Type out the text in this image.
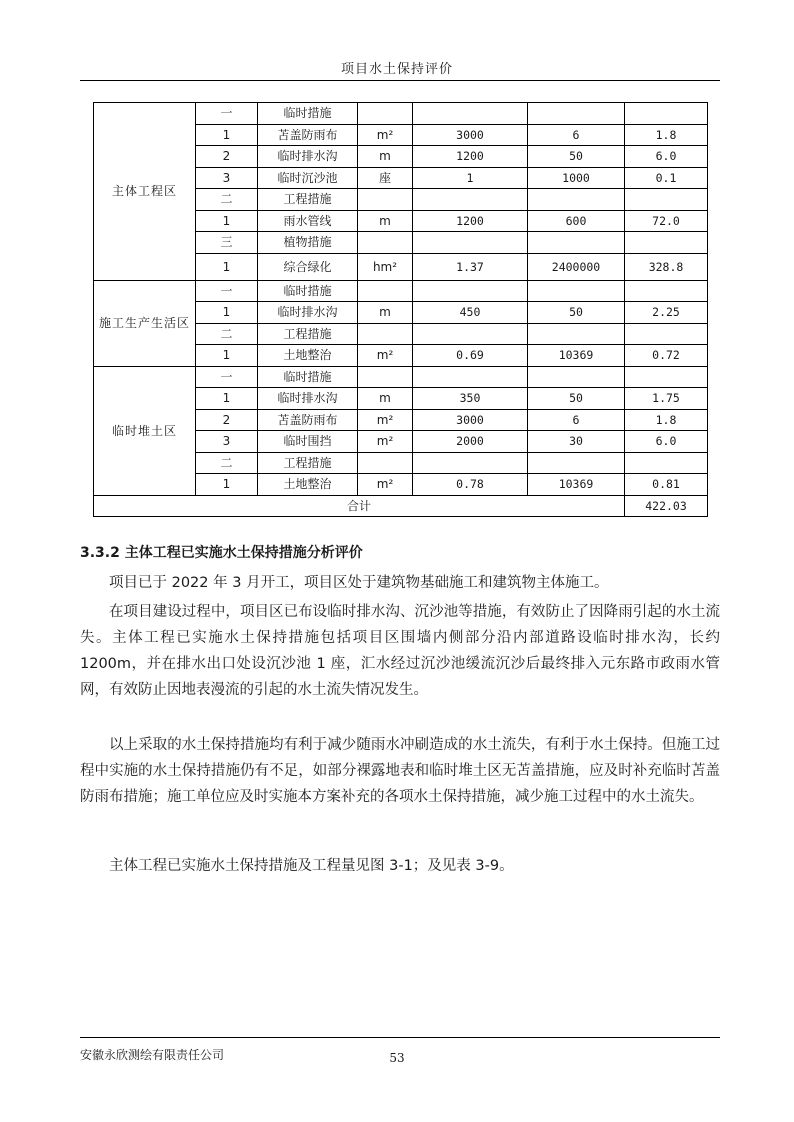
项目水土保持评价
主体工程区	一	临时措施				
	1	苫盖防雨布	m²	3000	6	1.8
	2	临时排水沟	m	1200	50	6.0
	3	临时沉沙池	座	1	1000	0.1
	二	工程措施				
	1	雨水管线	m	1200	600	72.0
	三	植物措施				
	1	综合绿化	hm²	1.37	2400000	328.8
施工生产生活区	一	临时措施				
	1	临时排水沟	m	450	50	2.25
	二	工程措施				
	1	土地整治	m²	0.69	10369	0.72
临时堆土区	一	临时措施				
	1	临时排水沟	m	350	50	1.75
	2	苫盖防雨布	m²	3000	6	1.8
	3	临时围挡	m²	2000	30	6.0
	二	工程措施				
	1	土地整治	m²	0.78	10369	0.81
合计						422.03
3.3.2 主体工程已实施水土保持措施分析评价

项目已于 2022 年 3 月开工，项目区处于建筑物基础施工和建筑物主体施工。

在项目建设过程中，项目区已布设临时排水沟、沉沙池等措施，有效防止了因降雨引起的水土流失。主体工程已实施水土保持措施包括项目区围墙内侧部分沿内部道路设临时排水沟，长约 1200m，并在排水出口处设沉沙池 1 座，汇水经过沉沙池缓流沉沙后最终排入元东路市政雨水管网，有效防止因地表漫流的引起的水土流失情况发生。

以上采取的水土保持措施均有利于减少随雨水冲刷造成的水土流失，有利于水土保持。但施工过程中实施的水土保持措施仍有不足，如部分裸露地表和临时堆土区无苫盖措施，应及时补充临时苫盖防雨布措施；施工单位应及时实施本方案补充的各项水土保持措施，减少施工过程中的水土流失。

主体工程已实施水土保持措施及工程量见图 3-1；及见表 3-9。

安徽永欣测绘有限责任公司	53
